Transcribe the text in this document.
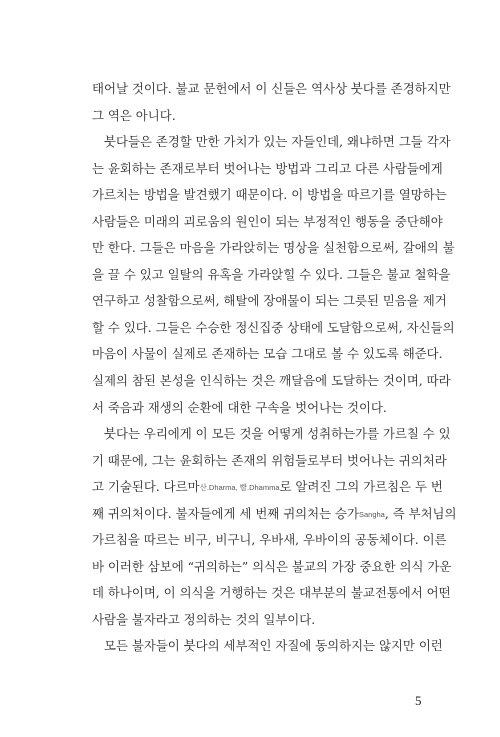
태어날 것이다. 불교 문헌에서 이 신들은 역사상 붓다를 존경하지만
그 역은 아니다.
붓다들은 존경할 만한 가치가 있는 자들인데, 왜냐하면 그들 각자
는 윤회하는 존재로부터 벗어나는 방법과 그리고 다른 사람들에게
가르치는 방법을 발견했기 때문이다. 이 방법을 따르기를 열망하는
사람들은 미래의 괴로움의 원인이 되는 부정적인 행동을 중단해야
만 한다. 그들은 마음을 가라앉히는 명상을 실천함으로써, 갈애의 불
을 끌 수 있고 일탈의 유혹을 가라앉힐 수 있다. 그들은 불교 철학을
연구하고 성찰함으로써, 해탈에 장애물이 되는 그릇된 믿음을 제거
할 수 있다. 그들은 수승한 정신집중 상태에 도달함으로써, 자신들의
마음이 사물이 실제로 존재하는 모습 그대로 볼 수 있도록 해준다.
실제의 참된 본성을 인식하는 것은 깨달음에 도달하는 것이며, 따라
서 죽음과 재생의 순환에 대한 구속을 벗어나는 것이다.
붓다는 우리에게 이 모든 것을 어떻게 성취하는가를 가르칠 수 있
기 때문에, 그는 윤회하는 존재의 위험들로부터 벗어나는 귀의처라
고 기술된다. 다르마산.Dharma, 빨.Dhamma로 알려진 그의 가르침은 두 번
째 귀의처이다. 불자들에게 세 번째 귀의처는 승가Sangha, 즉 부처님의
가르침을 따르는 비구, 비구니, 우바새, 우바이의 공동체이다. 이른
바 이러한 삼보에 “귀의하는” 의식은 불교의 가장 중요한 의식 가운
데 하나이며, 이 의식을 거행하는 것은 대부분의 불교전통에서 어떤
사람을 불자라고 정의하는 것의 일부이다.
모든 불자들이 붓다의 세부적인 자질에 동의하지는 않지만 이런
5
